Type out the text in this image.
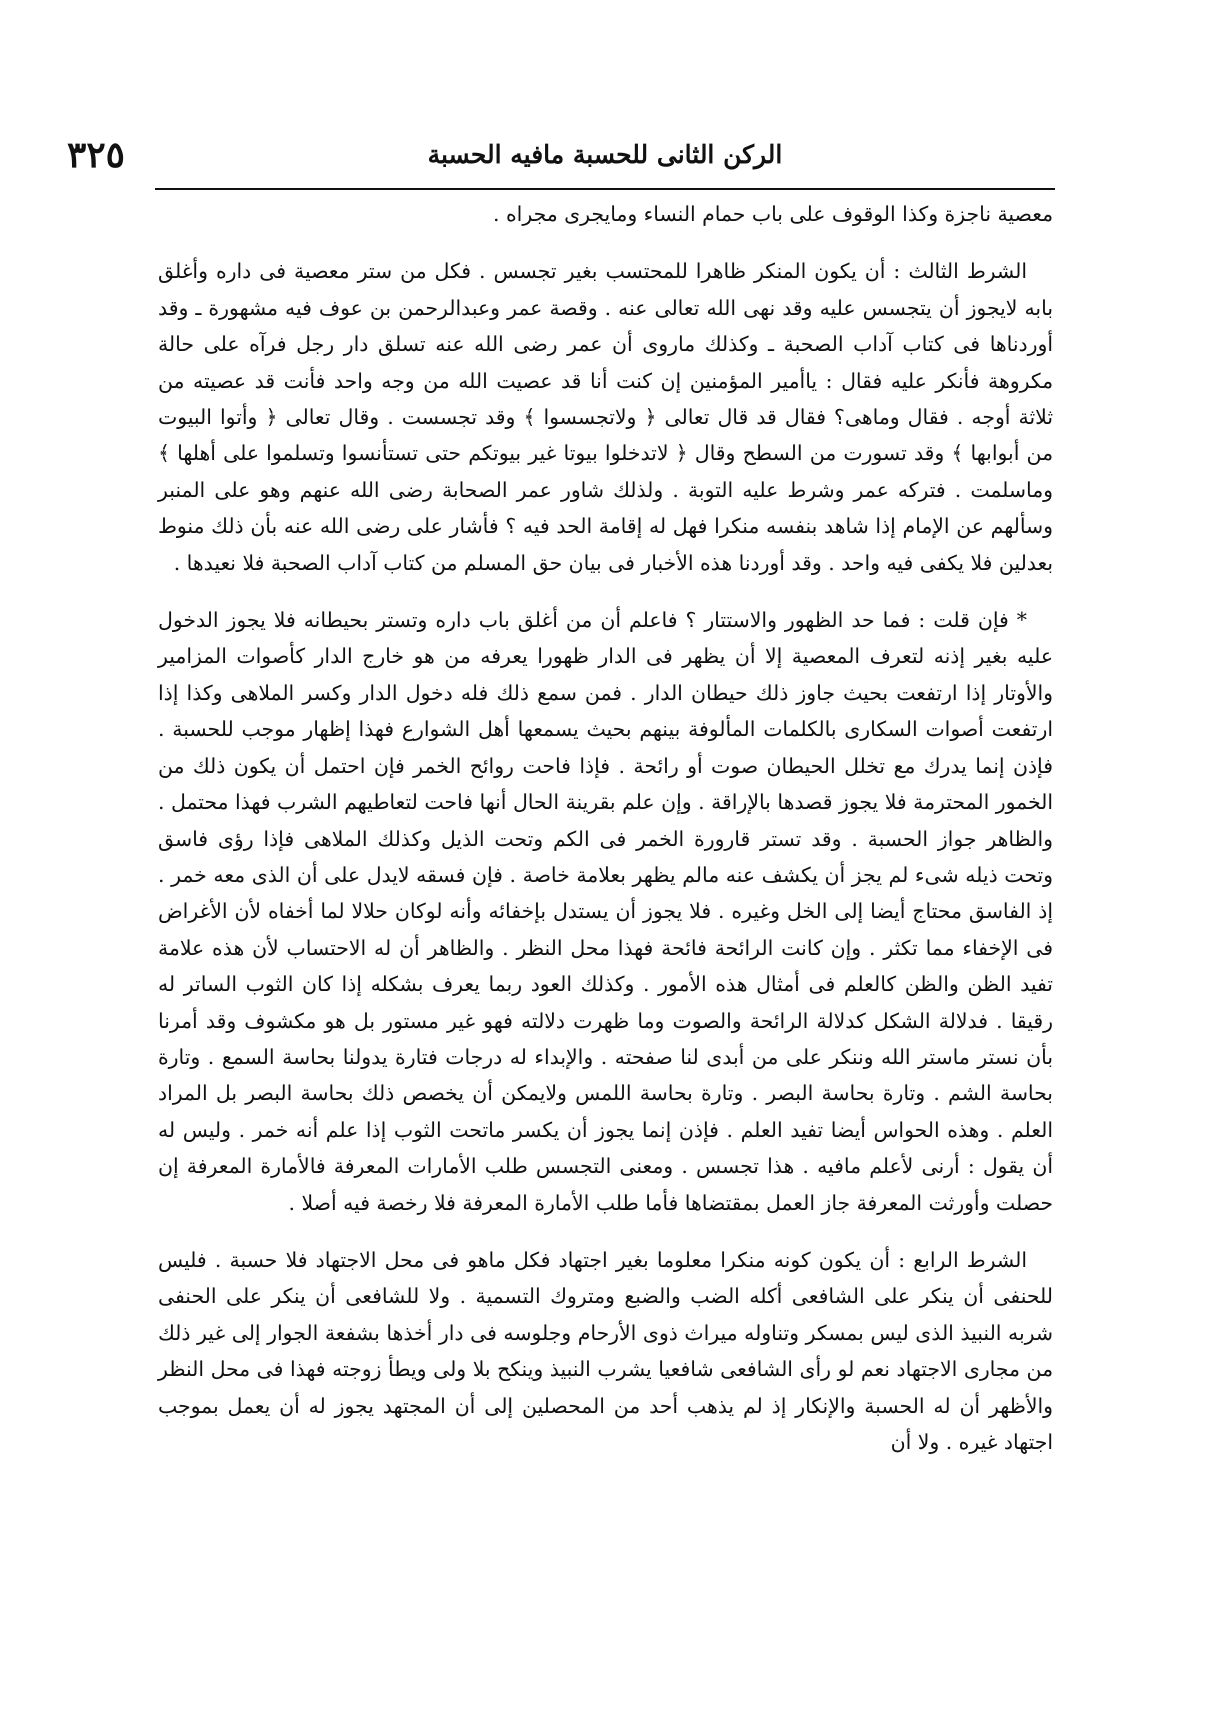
الركن الثانى للحسبة مافيه الحسبة
٣٢٥

معصية ناجزة وكذا الوقوف على باب حمام النساء ومايجرى مجراه .

الشرط الثالث : أن يكون المنكر ظاهرا للمحتسب بغير تجسس . فكل من ستر معصية فى داره وأغلق بابه لايجوز أن يتجسس عليه وقد نهى الله تعالى عنه . وقصة عمر وعبدالرحمن بن عوف فيه مشهورة ـ وقد أوردناها فى كتاب آداب الصحبة ـ وكذلك ماروى أن عمر رضى الله عنه تسلق دار رجل فرآه على حالة مكروهة فأنكر عليه فقال : ياأمير المؤمنين إن كنت أنا قد عصيت الله من وجه واحد فأنت قد عصيته من ثلاثة أوجه . فقال وماهى؟ فقال قد قال تعالى ﴿ ولاتجسسوا ﴾ وقد تجسست . وقال تعالى ﴿ وأتوا البيوت من أبوابها ﴾ وقد تسورت من السطح وقال ﴿ لاتدخلوا بيوتا غير بيوتكم حتى تستأنسوا وتسلموا على أهلها ﴾ وماسلمت . فتركه عمر وشرط عليه التوبة . ولذلك شاور عمر الصحابة رضى الله عنهم وهو على المنبر وسألهم عن الإمام إذا شاهد بنفسه منكرا فهل له إقامة الحد فيه ؟ فأشار على رضى الله عنه بأن ذلك منوط بعدلين فلا يكفى فيه واحد . وقد أوردنا هذه الأخبار فى بيان حق المسلم من كتاب آداب الصحبة فلا نعيدها .

* فإن قلت : فما حد الظهور والاستتار ؟ فاعلم أن من أغلق باب داره وتستر بحيطانه فلا يجوز الدخول عليه بغير إذنه لتعرف المعصية إلا أن يظهر فى الدار ظهورا يعرفه من هو خارج الدار كأصوات المزامير والأوتار إذا ارتفعت بحيث جاوز ذلك حيطان الدار . فمن سمع ذلك فله دخول الدار وكسر الملاهى وكذا إذا ارتفعت أصوات السكارى بالكلمات المألوفة بينهم بحيث يسمعها أهل الشوارع فهذا إظهار موجب للحسبة . فإذن إنما يدرك مع تخلل الحيطان صوت أو رائحة . فإذا فاحت روائح الخمر فإن احتمل أن يكون ذلك من الخمور المحترمة فلا يجوز قصدها بالإراقة . وإن علم بقرينة الحال أنها فاحت لتعاطيهم الشرب فهذا محتمل . والظاهر جواز الحسبة . وقد تستر قارورة الخمر فى الكم وتحت الذيل وكذلك الملاهى فإذا رؤى فاسق وتحت ذيله شىء لم يجز أن يكشف عنه مالم يظهر بعلامة خاصة . فإن فسقه لايدل على أن الذى معه خمر . إذ الفاسق محتاج أيضا إلى الخل وغيره . فلا يجوز أن يستدل بإخفائه وأنه لوكان حلالا لما أخفاه لأن الأغراض فى الإخفاء مما تكثر . وإن كانت الرائحة فائحة فهذا محل النظر . والظاهر أن له الاحتساب لأن هذه علامة تفيد الظن والظن كالعلم فى أمثال هذه الأمور . وكذلك العود ربما يعرف بشكله إذا كان الثوب الساتر له رقيقا . فدلالة الشكل كدلالة الرائحة والصوت وما ظهرت دلالته فهو غير مستور بل هو مكشوف وقد أمرنا بأن نستر ماستر الله وننكر على من أبدى لنا صفحته . والإبداء له درجات فتارة يدولنا بحاسة السمع . وتارة بحاسة الشم . وتارة بحاسة البصر . وتارة بحاسة اللمس ولايمكن أن يخصص ذلك بحاسة البصر بل المراد العلم . وهذه الحواس أيضا تفيد العلم . فإذن إنما يجوز أن يكسر ماتحت الثوب إذا علم أنه خمر . وليس له أن يقول : أرنى لأعلم مافيه . هذا تجسس . ومعنى التجسس طلب الأمارات المعرفة فالأمارة المعرفة إن حصلت وأورثت المعرفة جاز العمل بمقتضاها فأما طلب الأمارة المعرفة فلا رخصة فيه أصلا .

الشرط الرابع : أن يكون كونه منكرا معلوما بغير اجتهاد فكل ماهو فى محل الاجتهاد فلا حسبة . فليس للحنفى أن ينكر على الشافعى أكله الضب والضبع ومتروك التسمية . ولا للشافعى أن ينكر على الحنفى شربه النبيذ الذى ليس بمسكر وتناوله ميراث ذوى الأرحام وجلوسه فى دار أخذها بشفعة الجوار إلى غير ذلك من مجارى الاجتهاد نعم لو رأى الشافعى شافعيا يشرب النبيذ وينكح بلا ولى ويطأ زوجته فهذا فى محل النظر والأظهر أن له الحسبة والإنكار إذ لم يذهب أحد من المحصلين إلى أن المجتهد يجوز له أن يعمل بموجب اجتهاد غيره . ولا أن
